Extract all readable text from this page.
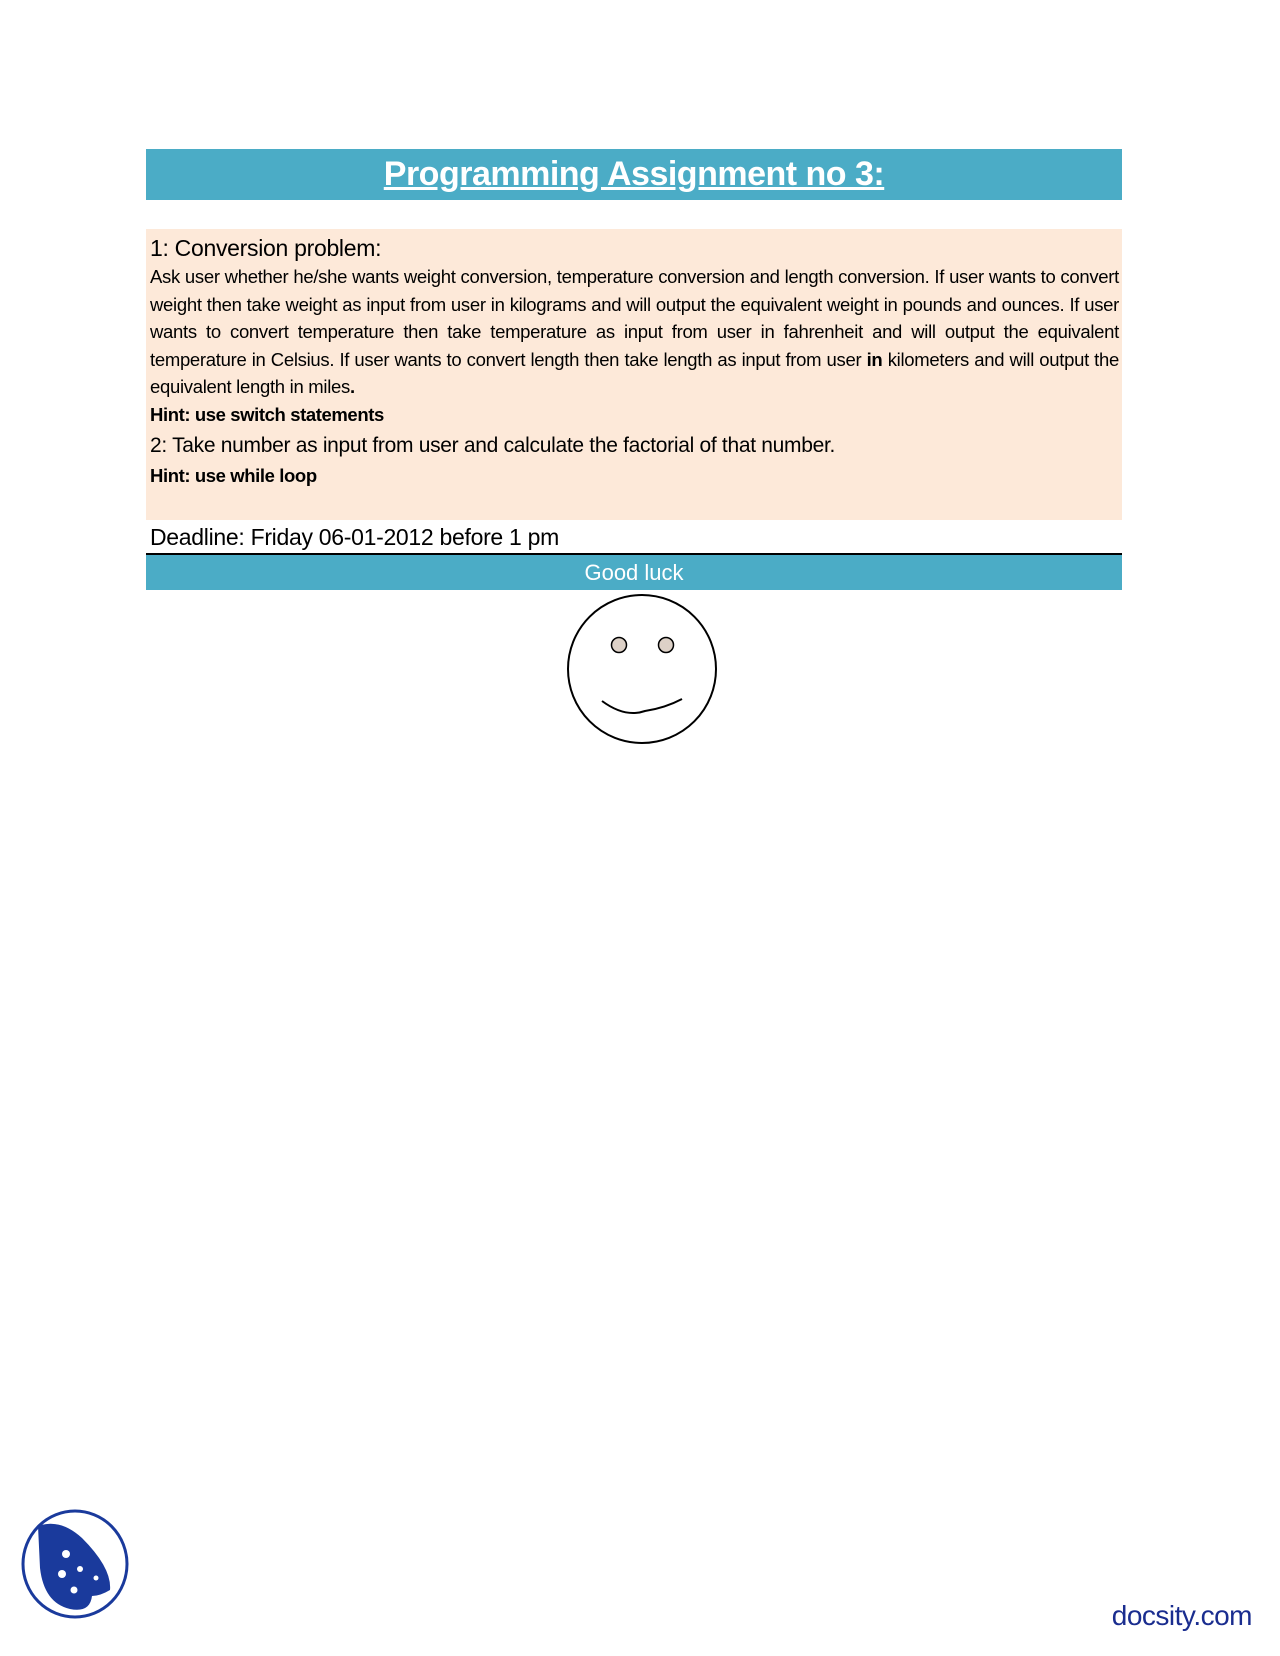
Programming Assignment no 3:
1: Conversion problem:
Ask user whether he/she wants weight conversion, temperature conversion and length conversion. If user wants to convert weight then take weight as input from user in kilograms and will output the equivalent weight in pounds and ounces. If user wants to convert temperature then take temperature as input from user in fahrenheit and will output the equivalent temperature in Celsius. If user wants to convert length then take length as input from user in kilometers and will output the equivalent length in miles.
Hint: use switch statements
2: Take number as input from user and calculate the factorial of that number.
Hint: use while loop
Deadline: Friday 06-01-2012 before 1 pm
Good luck
docsity.com
